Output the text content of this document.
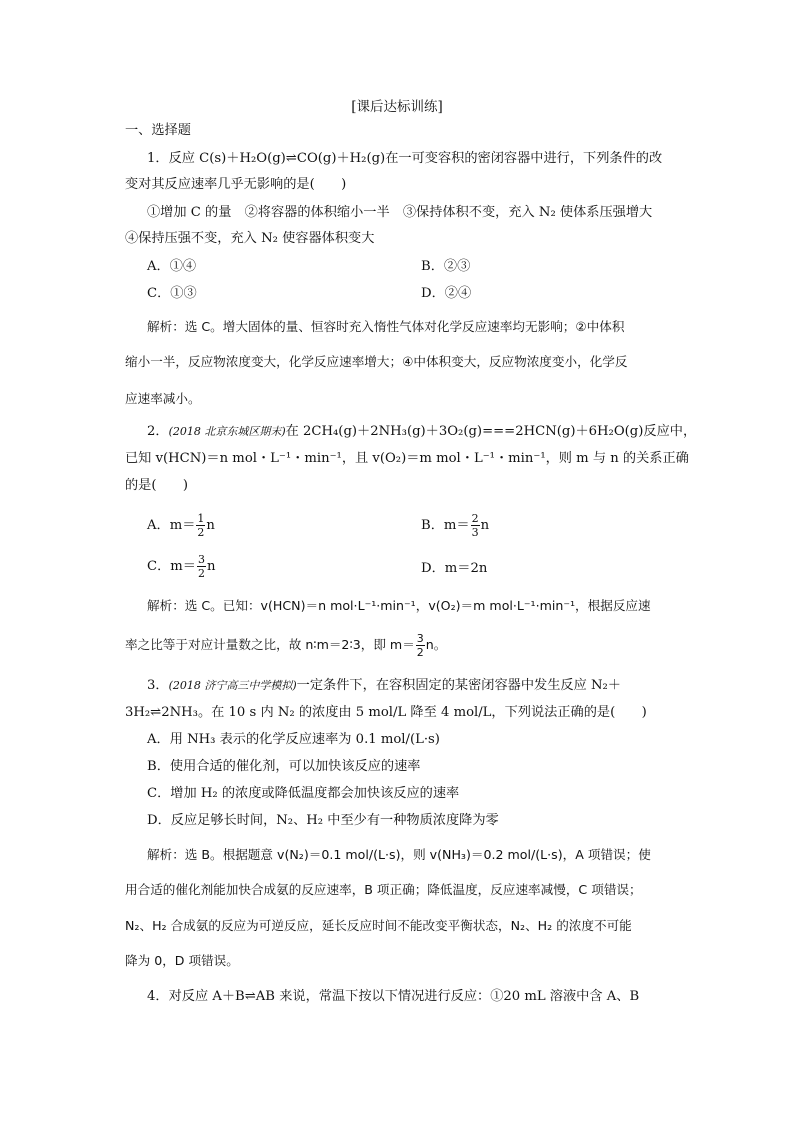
[课后达标训练]
一、选择题
1．反应 C(s)＋H₂O(g)⇌CO(g)＋H₂(g)在一可变容积的密闭容器中进行，下列条件的改
变对其反应速率几乎无影响的是(　　)
①增加 C 的量　②将容器的体积缩小一半　③保持体积不变，充入 N₂ 使体系压强增大
④保持压强不变，充入 N₂ 使容器体积变大
A．①④	B．②③
C．①③	D．②④
解析：选 C。增大固体的量、恒容时充入惰性气体对化学反应速率均无影响；②中体积
缩小一半，反应物浓度变大，化学反应速率增大；④中体积变大，反应物浓度变小，化学反
应速率减小。
2．(2018 北京东城区期末)在 2CH₄(g)＋2NH₃(g)＋3O₂(g)===2HCN(g)＋6H₂O(g)反应中，
已知 v(HCN)＝n mol・L⁻¹・min⁻¹，且 v(O₂)＝m mol・L⁻¹・min⁻¹，则 m 与 n 的关系正确
的是(　　)
A．$m= \frac{1}{2}$ n	B．$m= \frac{2}{3}$ n
C．$m= \frac{3}{2}$ n	D．m＝2n
解析：选 C。已知：v(HCN)＝n mol·L⁻¹·min⁻¹，v(O₂)＝m mol·L⁻¹·min⁻¹，根据反应速
率之比等于对应计量数之比，故 n∶m＝2∶3，即 $m= \frac{3}{2}$ n。
3．(2018 济宁高三中学模拟)一定条件下，在容积固定的某密闭容器中发生反应 N₂＋
3H₂⇌2NH₃。在 10 s 内 N₂ 的浓度由 5 mol/L 降至 4 mol/L，下列说法正确的是(　　)
A．用 NH₃ 表示的化学反应速率为 0.1 mol/(L·s)
B．使用合适的催化剂，可以加快该反应的速率
C．增加 H₂ 的浓度或降低温度都会加快该反应的速率
D．反应足够长时间，N₂、H₂ 中至少有一种物质浓度降为零
解析：选 B。根据题意 v(N₂)＝0.1 mol/(L·s)，则 v(NH₃)＝0.2 mol/(L·s)，A 项错误；使
用合适的催化剂能加快合成氨的反应速率，B 项正确；降低温度，反应速率减慢，C 项错误；
N₂、H₂ 合成氨的反应为可逆反应，延长反应时间不能改变平衡状态，N₂、H₂ 的浓度不可能
降为 0，D 项错误。
4．对反应 A＋B⇌AB 来说，常温下按以下情况进行反应：①20 mL 溶液中含 A、B
